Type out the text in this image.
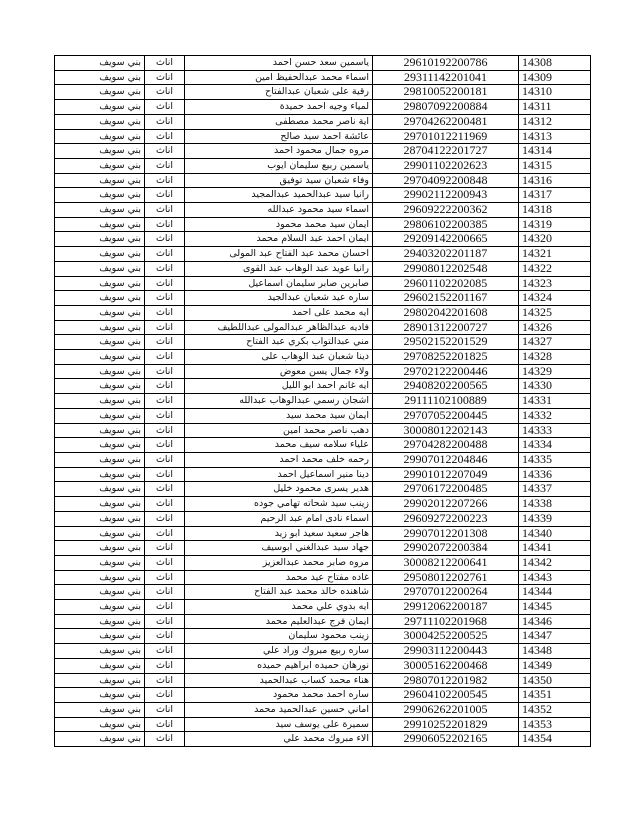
بني سويف	اناث	ياسمين سعد حسن احمد	29610192200786	14308
بني سويف	اناث	اسماء محمد عبدالحفيظ امين	29311142201041	14309
بني سويف	اناث	رقية على شعبان عبدالفتاح	29810052200181	14310
بني سويف	اناث	لمياء وجيه احمد حميدة	29807092200884	14311
بني سويف	اناث	اية ناصر محمد مصطفى	29704262200481	14312
بني سويف	اناث	عائشة احمد سيد صالح	29701012211969	14313
بني سويف	اناث	مروه جمال محمود احمد	28704122201727	14314
بني سويف	اناث	ياسمين ربيع سليمان ايوب	29901102202623	14315
بني سويف	اناث	وفاء شعبان سيد توفيق	29704092200848	14316
بني سويف	اناث	رانيا سيد عبدالحميد عبدالمجيد	29902112200943	14317
بني سويف	اناث	اسماء سيد محمود عبدالله	29609222200362	14318
بني سويف	اناث	ايمان سيد محمد محمود	29806102200385	14319
بني سويف	اناث	ايمان احمد عبد السلام محمد	29209142200665	14320
بني سويف	اناث	احسان محمد عبد الفتاح عبد المولى	29403202201187	14321
بني سويف	اناث	رانيا عويد عبد الوهاب عبد القوى	29908012202548	14322
بني سويف	اناث	صابرين صابر سليمان اسماعيل	29601102202085	14323
بني سويف	اناث	ساره عيد شعبان عبدالجيد	29602152201167	14324
بني سويف	اناث	ايه محمد على احمد	29802042201608	14325
بني سويف	اناث	فاديه عبدالظاهر عبدالمولى عبداللطيف	28901312200727	14326
بني سويف	اناث	مني عبدالتواب بكري عبد الفتاح	29502152201529	14327
بني سويف	اناث	دينا شعبان عبد الوهاب على	29708252201825	14328
بني سويف	اناث	ولاء جمال يسن معوض	29702122200446	14329
بني سويف	اناث	ايه غانم احمد ابو الليل	29408202200565	14330
بني سويف	اناث	اشجان رسمي عبدالوهاب عبدالله	29111102100889	14331
بني سويف	اناث	ايمان سيد محمد سيد	29707052200445	14332
بني سويف	اناث	دهب ناصر محمد امين	30008012202143	14333
بني سويف	اناث	علياء سلامه سيف محمد	29704282200488	14334
بني سويف	اناث	رحمه خلف محمد احمد	29907012204846	14335
بني سويف	اناث	دينا منير اسماعيل احمد	29901012207049	14336
بني سويف	اناث	هدير يسرى محمود خليل	29706172200485	14337
بني سويف	اناث	زينب سيد شحاته تهامي جوده	29902012207266	14338
بني سويف	اناث	اسماء نادى امام عبد الرحيم	29609272200223	14339
بني سويف	اناث	هاجر سعيد سعيد ابو زيد	29907012201308	14340
بني سويف	اناث	جهاد سيد عبدالغني ابوسيف	29902072200384	14341
بني سويف	اناث	مروه صابر محمد عبدالعزيز	30008212200641	14342
بني سويف	اناث	غاده مفتاح عيد محمد	29508012202761	14343
بني سويف	اناث	شاهنده خالد محمد عبد الفتاح	29707012200264	14344
بني سويف	اناث	ايه بدوي علي محمد	29912062200187	14345
بني سويف	اناث	ايمان فرج عبدالعليم محمد	29711102201968	14346
بني سويف	اناث	زينب محمود سليمان	30004252200525	14347
بني سويف	اناث	ساره ربيع مبروك وراد علي	29903112200443	14348
بني سويف	اناث	نورهان حميده ابراهيم حميده	30005162200468	14349
بني سويف	اناث	هناء محمد كساب عبدالحميد	29807012201982	14350
بني سويف	اناث	ساره احمد محمد محمود	29604102200545	14351
بني سويف	اناث	اماني حسين عبدالحميد محمد	29906262201005	14352
بني سويف	اناث	سميرة على يوسف سيد	29910252201829	14353
بني سويف	اناث	الاء مبروك محمد علي	29906052202165	14354
